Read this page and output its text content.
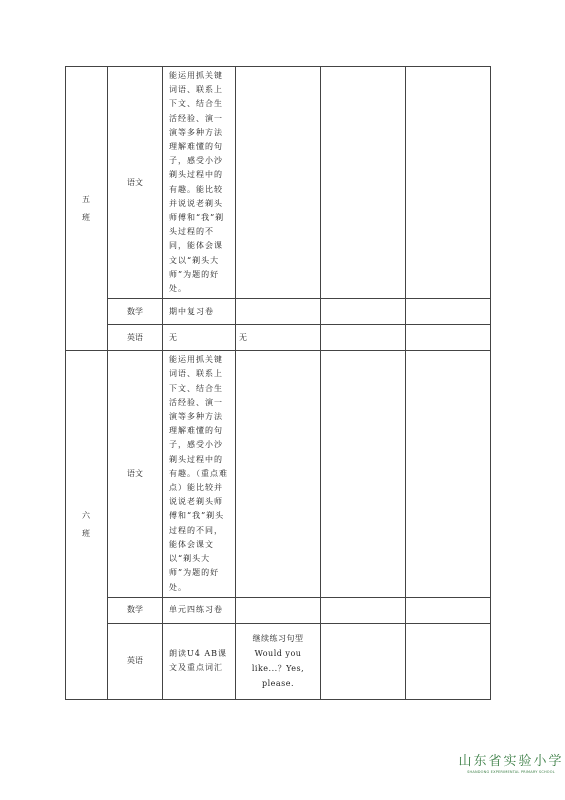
五
班	语文	能运用抓关键词语、联系上下文、结合生活经验、演一演等多种方法理解难懂的句子，感受小沙剃头过程中的有趣。能比较并说说老剃头师傅和“我”剃头过程的不同，能体会课文以“剃头大师”为题的好处。			
	数学	期中复习卷			
	英语	无	无		

六
班	语文	能运用抓关键词语、联系上下文、结合生活经验、演一演等多种方法理解难懂的句子，感受小沙剃头过程中的有趣。（重点难点）能比较并说说老剃头师傅和“我”剃头过程的不同，能体会课文以“剃头大师”为题的好处。			
	数学	单元四练习卷			
	英语	朗读U4 AB课文及重点词汇	继续练习句型
Would you
like...？Yes,
please.		

山东省实验小学
SHANDONG EXPERIMENTAL PRIMARY SCHOOL
